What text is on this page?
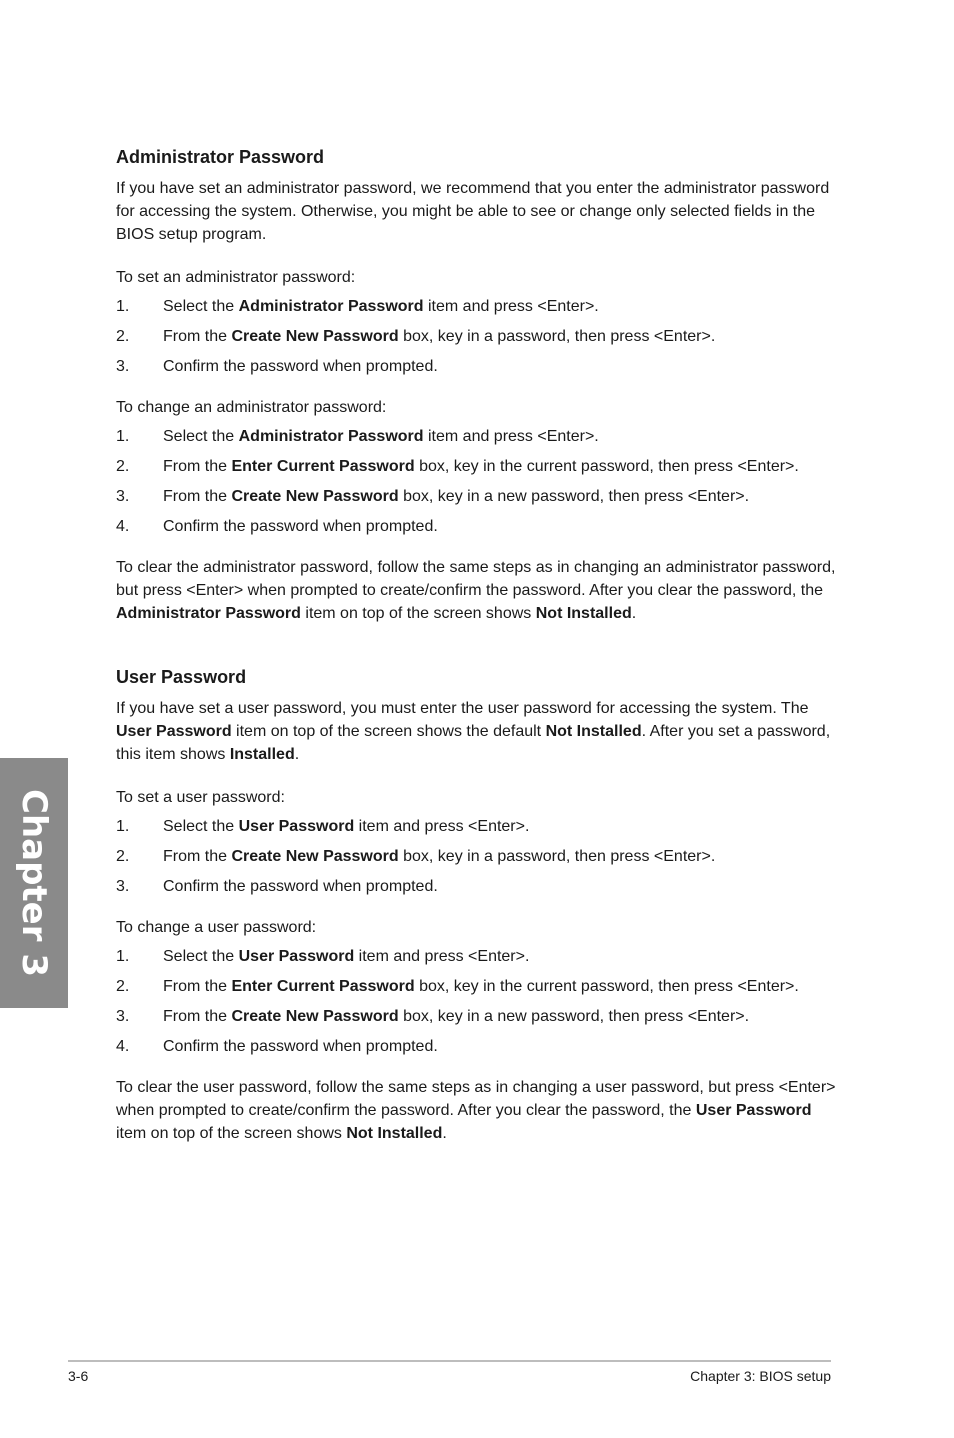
Chapter 3
Administrator Password

If you have set an administrator password, we recommend that you enter the administrator password for accessing the system. Otherwise, you might be able to see or change only selected fields in the BIOS setup program.

To set an administrator password:

1.	Select the Administrator Password item and press <Enter>.
2.	From the Create New Password box, key in a password, then press <Enter>.
3.	Confirm the password when prompted.

To change an administrator password:

1.	Select the Administrator Password item and press <Enter>.
2.	From the Enter Current Password box, key in the current password, then press <Enter>.
3.	From the Create New Password box, key in a new password, then press <Enter>.
4.	Confirm the password when prompted.

To clear the administrator password, follow the same steps as in changing an administrator password, but press <Enter> when prompted to create/confirm the password. After you clear the password, the Administrator Password item on top of the screen shows Not Installed.

User Password

If you have set a user password, you must enter the user password for accessing the system. The User Password item on top of the screen shows the default Not Installed. After you set a password, this item shows Installed.

To set a user password:

1.	Select the User Password item and press <Enter>.
2.	From the Create New Password box, key in a password, then press <Enter>.
3.	Confirm the password when prompted.

To change a user password:

1.	Select the User Password item and press <Enter>.
2.	From the Enter Current Password box, key in the current password, then press <Enter>.
3.	From the Create New Password box, key in a new password, then press <Enter>.
4.	Confirm the password when prompted.

To clear the user password, follow the same steps as in changing a user password, but press <Enter> when prompted to create/confirm the password. After you clear the password, the User Password item on top of the screen shows Not Installed.

3-6	Chapter 3: BIOS setup
